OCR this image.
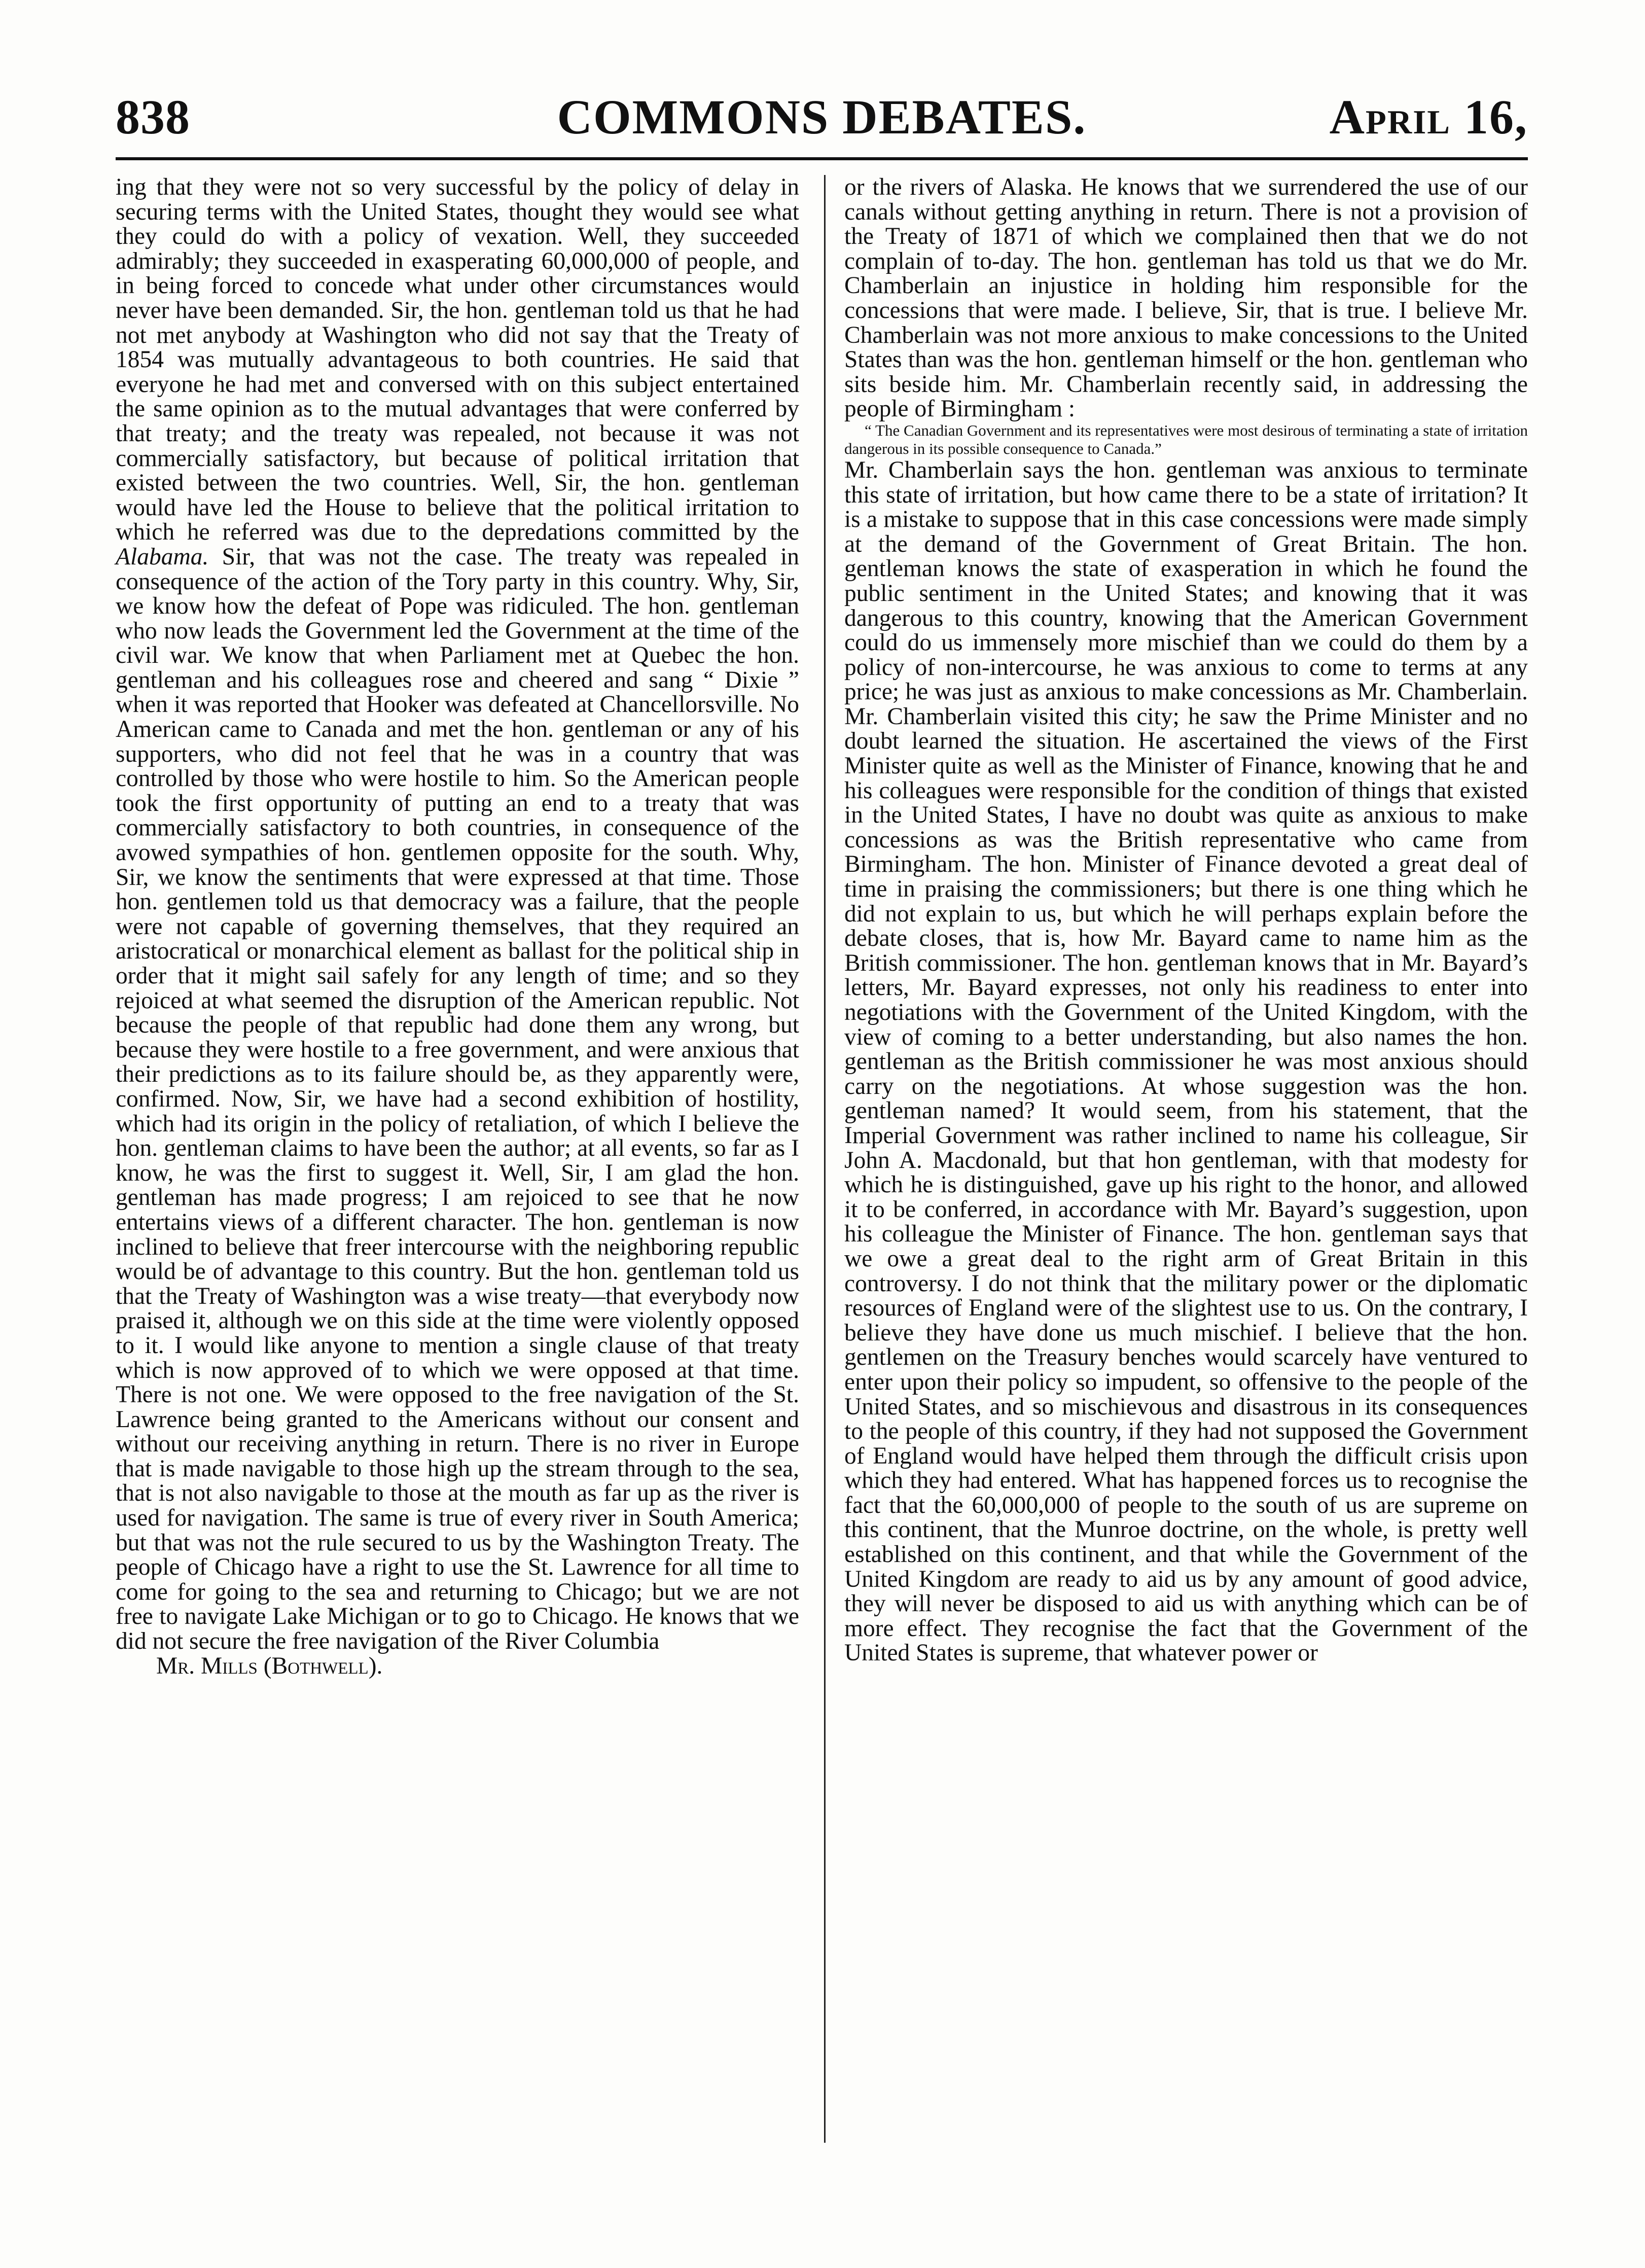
838	COMMONS DEBATES.	April 16,

ing that they were not so very successful by the policy of delay in securing terms with the United States, thought they would see what they could do with a policy of vexation. Well, they succeeded admirably; they succeeded in exasperating 60,000,000 of people, and in being forced to concede what under other circumstances would never have been demanded. Sir, the hon. gentleman told us that he had not met anybody at Washington who did not say that the Treaty of 1854 was mutually advantageous to both countries. He said that everyone he had met and conversed with on this subject entertained the same opinion as to the mutual advantages that were conferred by that treaty; and the treaty was repealed, not because it was not commercially satisfactory, but because of political irritation that existed between the two countries. Well, Sir, the hon. gentleman would have led the House to believe that the political irritation to which he referred was due to the depredations committed by the Alabama. Sir, that was not the case. The treaty was repealed in consequence of the action of the Tory party in this country. Why, Sir, we know how the defeat of Pope was ridiculed. The hon. gentleman who now leads the Government led the Government at the time of the civil war. We know that when Parliament met at Quebec the hon. gentleman and his colleagues rose and cheered and sang “ Dixie ” when it was reported that Hooker was defeated at Chancellorsville. No American came to Canada and met the hon. gentleman or any of his supporters, who did not feel that he was in a country that was controlled by those who were hostile to him. So the American people took the first opportunity of putting an end to a treaty that was commercially satisfactory to both countries, in consequence of the avowed sympathies of hon. gentlemen opposite for the south. Why, Sir, we know the sentiments that were expressed at that time. Those hon. gentlemen told us that democracy was a failure, that the people were not capable of governing themselves, that they required an aristocratical or monarchical element as ballast for the political ship in order that it might sail safely for any length of time; and so they rejoiced at what seemed the disruption of the American republic. Not because the people of that republic had done them any wrong, but because they were hostile to a free government, and were anxious that their predictions as to its failure should be, as they apparently were, confirmed. Now, Sir, we have had a second exhibition of hostility, which had its origin in the policy of retaliation, of which I believe the hon. gentleman claims to have been the author; at all events, so far as I know, he was the first to suggest it. Well, Sir, I am glad the hon. gentleman has made progress; I am rejoiced to see that he now entertains views of a different character. The hon. gentleman is now inclined to believe that freer intercourse with the neighboring republic would be of advantage to this country. But the hon. gentleman told us that the Treaty of Washington was a wise treaty—that everybody now praised it, although we on this side at the time were violently opposed to it. I would like anyone to mention a single clause of that treaty which is now approved of to which we were opposed at that time. There is not one. We were opposed to the free navigation of the St. Lawrence being granted to the Americans without our consent and without our receiving anything in return. There is no river in Europe that is made navigable to those high up the stream through to the sea, that is not also navigable to those at the mouth as far up as the river is used for navigation. The same is true of every river in South America; but that was not the rule secured to us by the Washington Treaty. The people of Chicago have a right to use the St. Lawrence for all time to come for going to the sea and returning to Chicago; but we are not free to navigate Lake Michigan or to go to Chicago. He knows that we did not secure the free navigation of the River Columbia

Mr. Mills (Bothwell).

or the rivers of Alaska. He knows that we surrendered the use of our canals without getting anything in return. There is not a provision of the Treaty of 1871 of which we complained then that we do not complain of to-day. The hon. gentleman has told us that we do Mr. Chamberlain an injustice in holding him responsible for the concessions that were made. I believe, Sir, that is true. I believe Mr. Chamberlain was not more anxious to make concessions to the United States than was the hon. gentleman himself or the hon. gentleman who sits beside him. Mr. Chamberlain recently said, in addressing the people of Birmingham :

“ The Canadian Government and its representatives were most desirous of terminating a state of irritation dangerous in its possible consequence to Canada.”

Mr. Chamberlain says the hon. gentleman was anxious to terminate this state of irritation, but how came there to be a state of irritation? It is a mistake to suppose that in this case concessions were made simply at the demand of the Government of Great Britain. The hon. gentleman knows the state of exasperation in which he found the public sentiment in the United States; and knowing that it was dangerous to this country, knowing that the American Government could do us immensely more mischief than we could do them by a policy of non-intercourse, he was anxious to come to terms at any price; he was just as anxious to make concessions as Mr. Chamberlain. Mr. Chamberlain visited this city; he saw the Prime Minister and no doubt learned the situation. He ascertained the views of the First Minister quite as well as the Minister of Finance, knowing that he and his colleagues were responsible for the condition of things that existed in the United States, I have no doubt was quite as anxious to make concessions as was the British representative who came from Birmingham. The hon. Minister of Finance devoted a great deal of time in praising the commissioners; but there is one thing which he did not explain to us, but which he will perhaps explain before the debate closes, that is, how Mr. Bayard came to name him as the British commissioner. The hon. gentleman knows that in Mr. Bayard’s letters, Mr. Bayard expresses, not only his readiness to enter into negotiations with the Government of the United Kingdom, with the view of coming to a better understanding, but also names the hon. gentleman as the British commissioner he was most anxious should carry on the negotiations. At whose suggestion was the hon. gentleman named? It would seem, from his statement, that the Imperial Government was rather inclined to name his colleague, Sir John A. Macdonald, but that hon gentleman, with that modesty for which he is distinguished, gave up his right to the honor, and allowed it to be conferred, in accordance with Mr. Bayard’s suggestion, upon his colleague the Minister of Finance. The hon. gentleman says that we owe a great deal to the right arm of Great Britain in this controversy. I do not think that the military power or the diplomatic resources of England were of the slightest use to us. On the contrary, I believe they have done us much mischief. I believe that the hon. gentlemen on the Treasury benches would scarcely have ventured to enter upon their policy so impudent, so offensive to the people of the United States, and so mischievous and disastrous in its consequences to the people of this country, if they had not supposed the Government of England would have helped them through the difficult crisis upon which they had entered. What has happened forces us to recognise the fact that the 60,000,000 of people to the south of us are supreme on this continent, that the Munroe doctrine, on the whole, is pretty well established on this continent, and that while the Government of the United Kingdom are ready to aid us by any amount of good advice, they will never be disposed to aid us with anything which can be of more effect. They recognise the fact that the Government of the United States is supreme, that whatever power or
